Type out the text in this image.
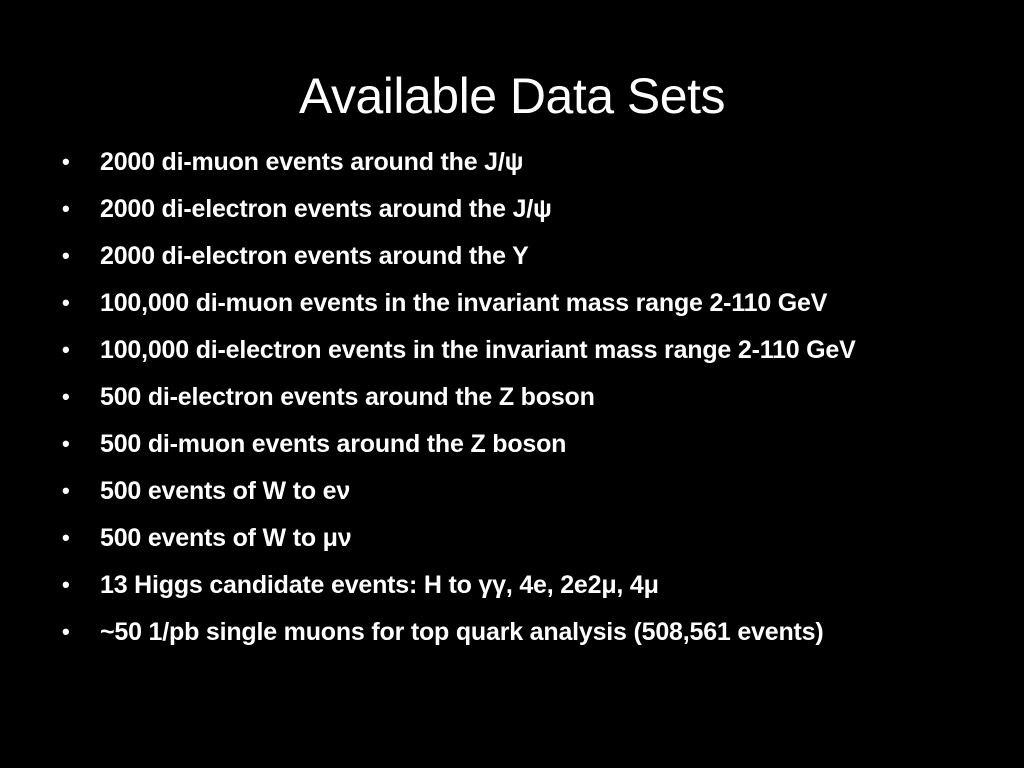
Available Data Sets
•	2000 di-muon events around the J/ψ
•	2000 di-electron events around the J/ψ
•	2000 di-electron events around the Y
•	100,000 di-muon events in the invariant mass range 2-110 GeV
•	100,000 di-electron events in the invariant mass range 2-110 GeV
•	500 di-electron events around the Z boson
•	500 di-muon events around the Z boson
•	500 events of W to eν
•	500 events of W to μν
•	13 Higgs candidate events: H to γγ, 4e, 2e2μ, 4μ
•	~50 1/pb single muons for top quark analysis (508,561 events)
